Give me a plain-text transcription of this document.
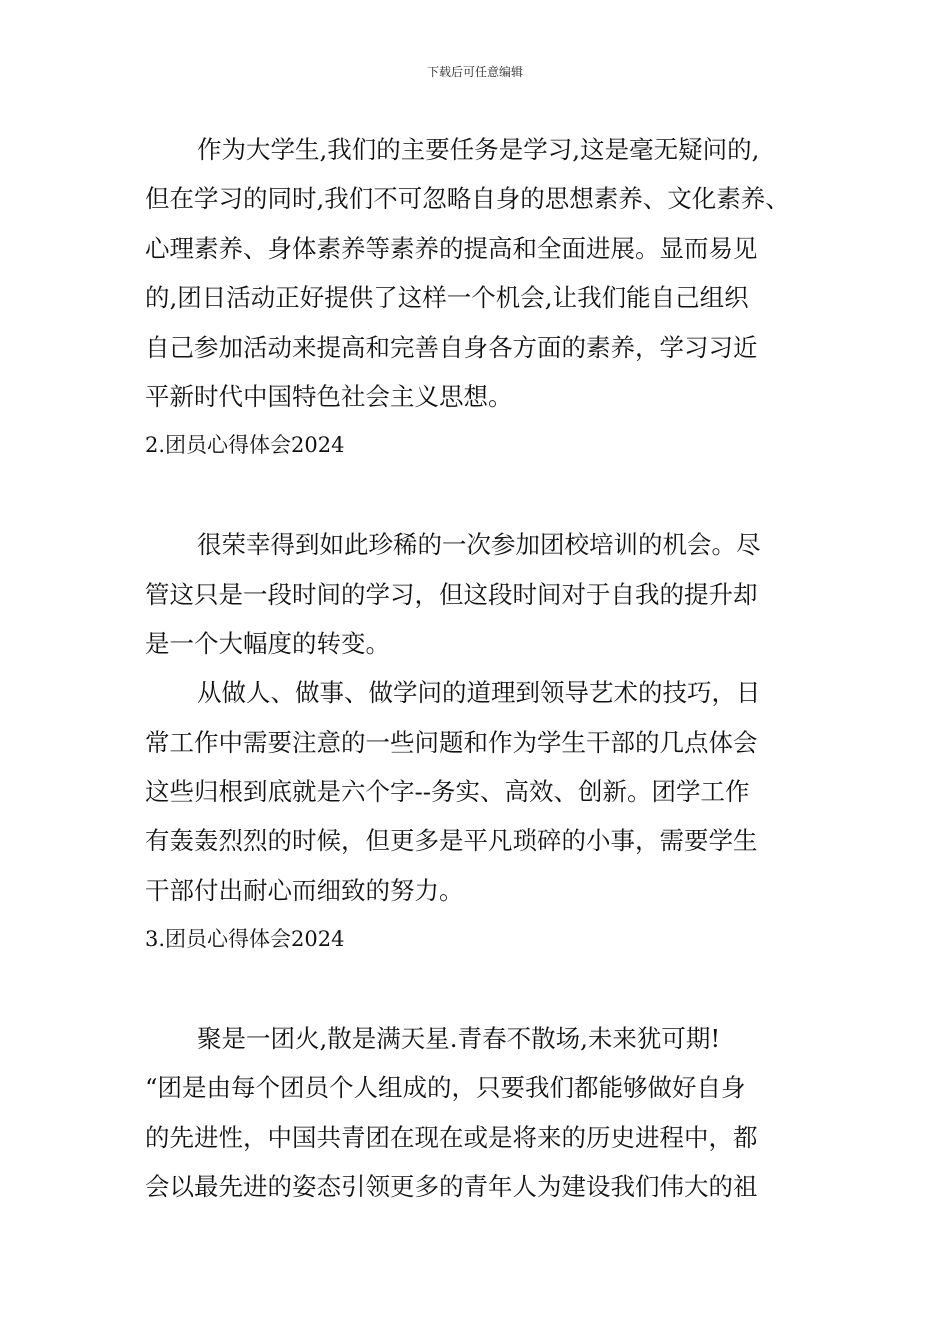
下载后可任意编辑
作为大学生,我们的主要任务是学习,这是毫无疑问的,
但在学习的同时,我们不可忽略自身的思想素养、文化素养、
心理素养、身体素养等素养的提高和全面进展。显而易见
的,团日活动正好提供了这样一个机会,让我们能自己组织
自己参加活动来提高和完善自身各方面的素养，学习习近
平新时代中国特色社会主义思想。
2.团员心得体会2024
很荣幸得到如此珍稀的一次参加团校培训的机会。尽
管这只是一段时间的学习，但这段时间对于自我的提升却
是一个大幅度的转变。
从做人、做事、做学问的道理到领导艺术的技巧，日
常工作中需要注意的一些问题和作为学生干部的几点体会
这些归根到底就是六个字--务实、高效、创新。团学工作
有轰轰烈烈的时候，但更多是平凡琐碎的小事，需要学生
干部付出耐心而细致的努力。
3.团员心得体会2024
聚是一团火,散是满天星.青春不散场,未来犹可期!
“团是由每个团员个人组成的，只要我们都能够做好自身
的先进性，中国共青团在现在或是将来的历史进程中，都
会以最先进的姿态引领更多的青年人为建设我们伟大的祖
